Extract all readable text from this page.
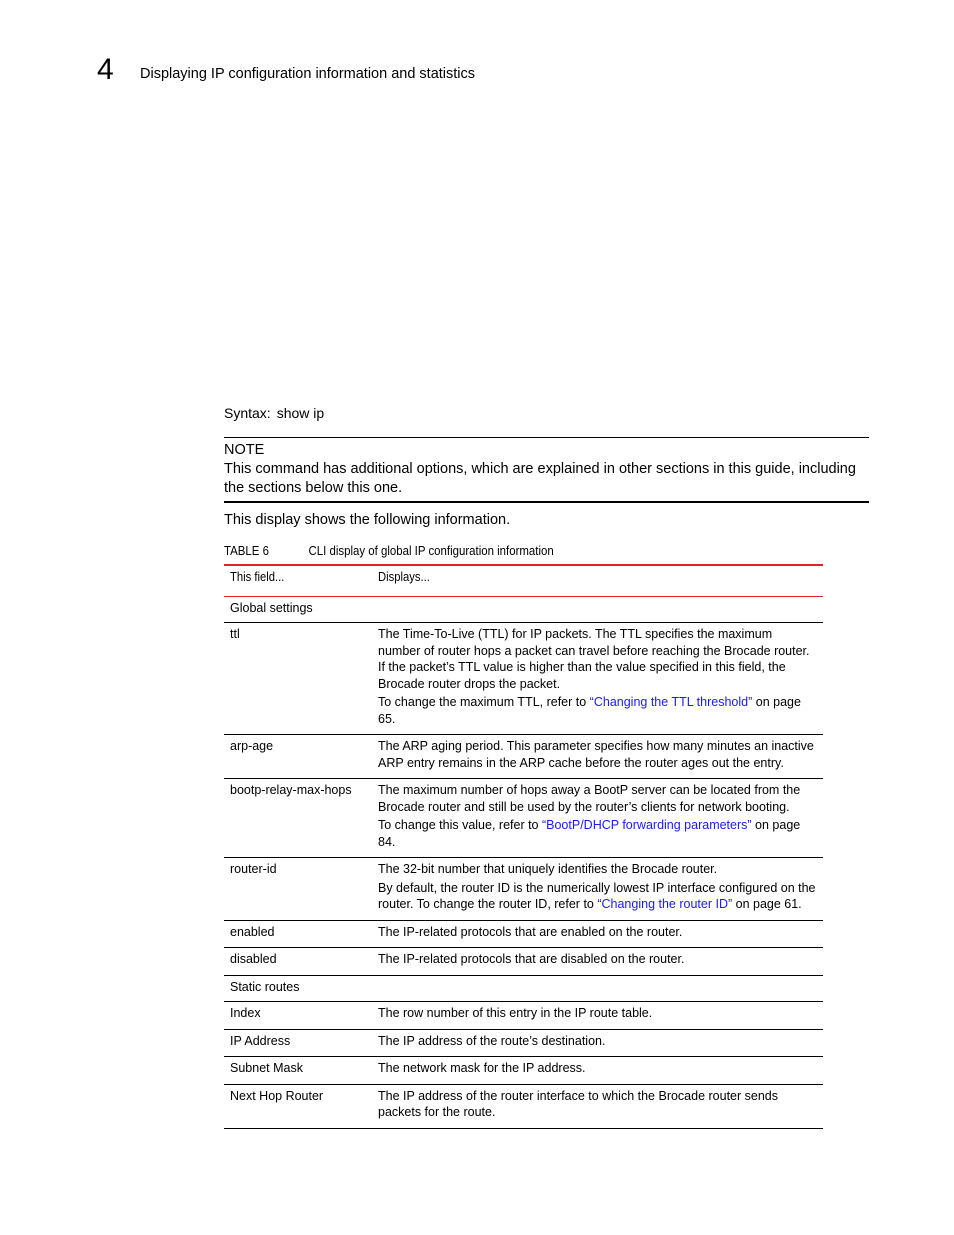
4 Displaying IP configuration information and statistics
Syntax: show ip
NOTE
This command has additional options, which are explained in other sections in this guide, including the sections below this one.
This display shows the following information.
TABLE 6	CLI display of global IP configuration information
This field...	Displays...
Global settings	

ttl	The Time-To-Live (TTL) for IP packets. The TTL specifies the maximum number of router hops a packet can travel before reaching the Brocade router. If the packet’s TTL value is higher than the value specified in this field, the Brocade router drops the packet.
To change the maximum TTL, refer to “Changing the TTL threshold” on page 65.

arp-age	The ARP aging period. This parameter specifies how many minutes an inactive ARP entry remains in the ARP cache before the router ages out the entry.

bootp-relay-max-hops	The maximum number of hops away a BootP server can be located from the Brocade router and still be used by the router’s clients for network booting.
To change this value, refer to “BootP/DHCP forwarding parameters” on page 84.

router-id	The 32-bit number that uniquely identifies the Brocade router.
By default, the router ID is the numerically lowest IP interface configured on the router. To change the router ID, refer to “Changing the router ID” on page 61.

enabled	The IP-related protocols that are enabled on the router.

disabled	The IP-related protocols that are disabled on the router.

Static routes	

Index	The row number of this entry in the IP route table.

IP Address	The IP address of the route’s destination.

Subnet Mask	The network mask for the IP address.

Next Hop Router	The IP address of the router interface to which the Brocade router sends packets for the route.
